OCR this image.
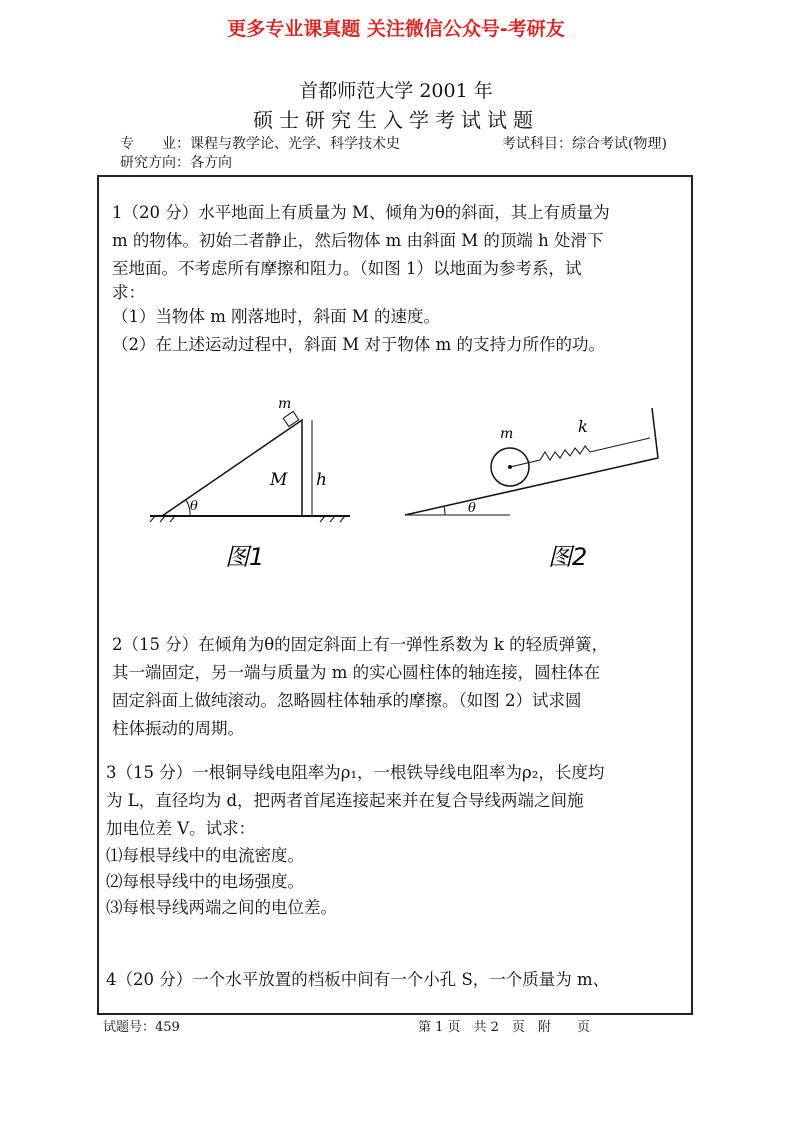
更多专业课真题 关注微信公众号-考研友
首都师范大学 2001 年
硕士研究生入学考试试题
专　　业：课程与教学论、光学、科学技术史	考试科目：综合考试(物理)
研究方向：各方向
1（20 分）水平地面上有质量为 M、倾角为θ的斜面，其上有质量为
m 的物体。初始二者静止，然后物体 m 由斜面 M 的顶端 h 处滑下
至地面。不考虑所有摩擦和阻力。（如图 1）以地面为参考系，试
求：
（1）当物体 m 刚落地时，斜面 M 的速度。
（2）在上述运动过程中，斜面 M 对于物体 m 的支持力所作的功。
m
M h
θ
图1
m	k
θ
图2
2（15 分）在倾角为θ的固定斜面上有一弹性系数为 k 的轻质弹簧，
其一端固定，另一端与质量为 m 的实心圆柱体的轴连接，圆柱体在
固定斜面上做纯滚动。忽略圆柱体轴承的摩擦。（如图 2）试求圆
柱体振动的周期。
3（15 分）一根铜导线电阻率为ρ₁，一根铁导线电阻率为ρ₂，长度均
为 L，直径均为 d，把两者首尾连接起来并在复合导线两端之间施
加电位差 V。试求：
⑴每根导线中的电流密度。
⑵每根导线中的电场强度。
⑶每根导线两端之间的电位差。
4（20 分）一个水平放置的档板中间有一个小孔 S，一个质量为 m、
试题号：459	第 1 页　共 2　页　附　　页
